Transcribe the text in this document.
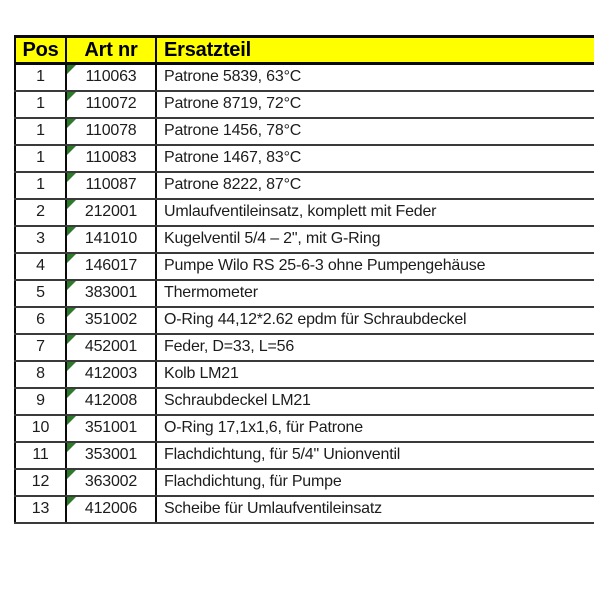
Pos	Art nr	Ersatzteil
1	110063	Patrone 5839, 63°C
1	110072	Patrone 8719, 72°C
1	110078	Patrone 1456, 78°C
1	110083	Patrone 1467, 83°C
1	110087	Patrone 8222, 87°C
2	212001	Umlaufventileinsatz, komplett mit Feder
3	141010	Kugelventil 5/4 – 2", mit G-Ring
4	146017	Pumpe Wilo RS 25-6-3 ohne Pumpengehäuse
5	383001	Thermometer
6	351002	O-Ring 44,12*2.62 epdm für Schraubdeckel
7	452001	Feder, D=33, L=56
8	412003	Kolb LM21
9	412008	Schraubdeckel LM21
10	351001	O-Ring 17,1x1,6, für Patrone
11	353001	Flachdichtung, für 5/4" Unionventil
12	363002	Flachdichtung, für Pumpe
13	412006	Scheibe für Umlaufventileinsatz
